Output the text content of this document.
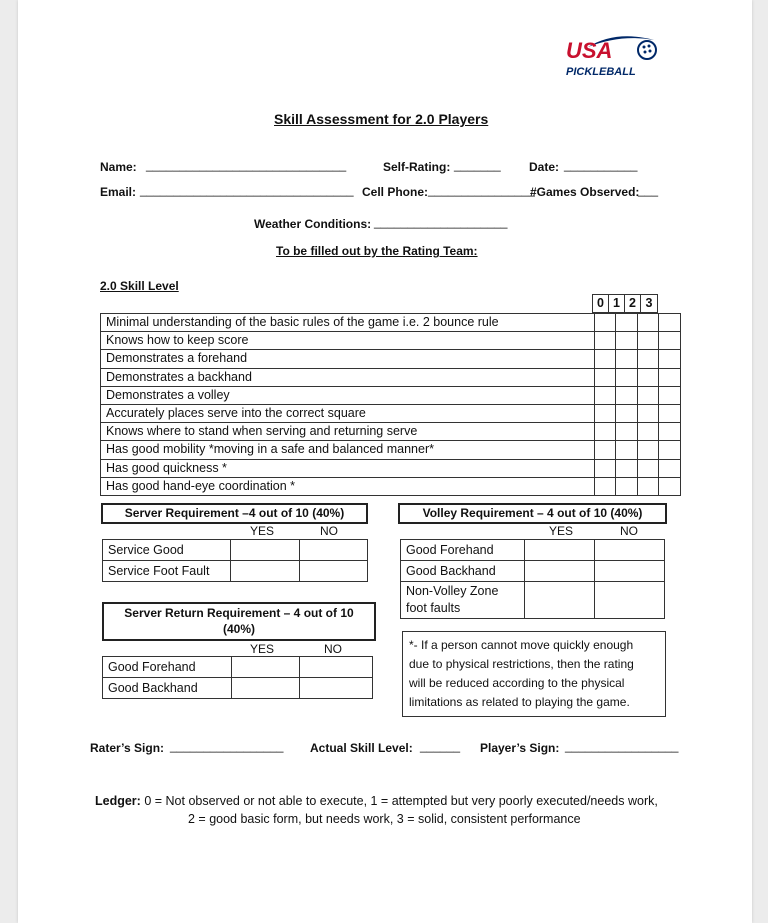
USA
PICKLEBALL
Skill Assessment for 2.0 Players
Name: ______________________________	Self-Rating: _______ Date: ___________
Email: ________________________________ Cell Phone: ________________
#Games Observed:
___
Weather Conditions: ____________________
To be filled out by the Rating Team:
2.0 Skill Level
0	1	2	3
Minimal understanding of the basic rules of the game i.e. 2 bounce rule				
Knows how to keep score				
Demonstrates a forehand				
Demonstrates a backhand				
Demonstrates a volley				
Accurately places serve into the correct square				
Knows where to stand when serving and returning serve				
Has good mobility *moving in a safe and balanced manner*				
Has good quickness *				
Has good hand-eye coordination *				
Server Requirement –4 out of 10 (40%)
YES	NO
Service Good		
Service Foot Fault		
Volley Requirement – 4 out of 10 (40%)
YES	NO
Good Forehand		
Good Backhand		

Non-Volley Zone
foot faults		

Server Return Requirement – 4 out of 10
(40%)
YES	NO
Good Forehand		
Good Backhand		
*- If a person cannot move quickly enough
due to physical restrictions, then the rating
will be reduced according to the physical
limitations as related to playing the game.
Rater’s Sign: _________________ Actual Skill Level: ______ Player’s Sign: _________________
Ledger: 0 = Not observed or not able to execute, 1 = attempted but very poorly executed/needs work,
2 = good basic form, but needs work, 3 = solid, consistent performance
